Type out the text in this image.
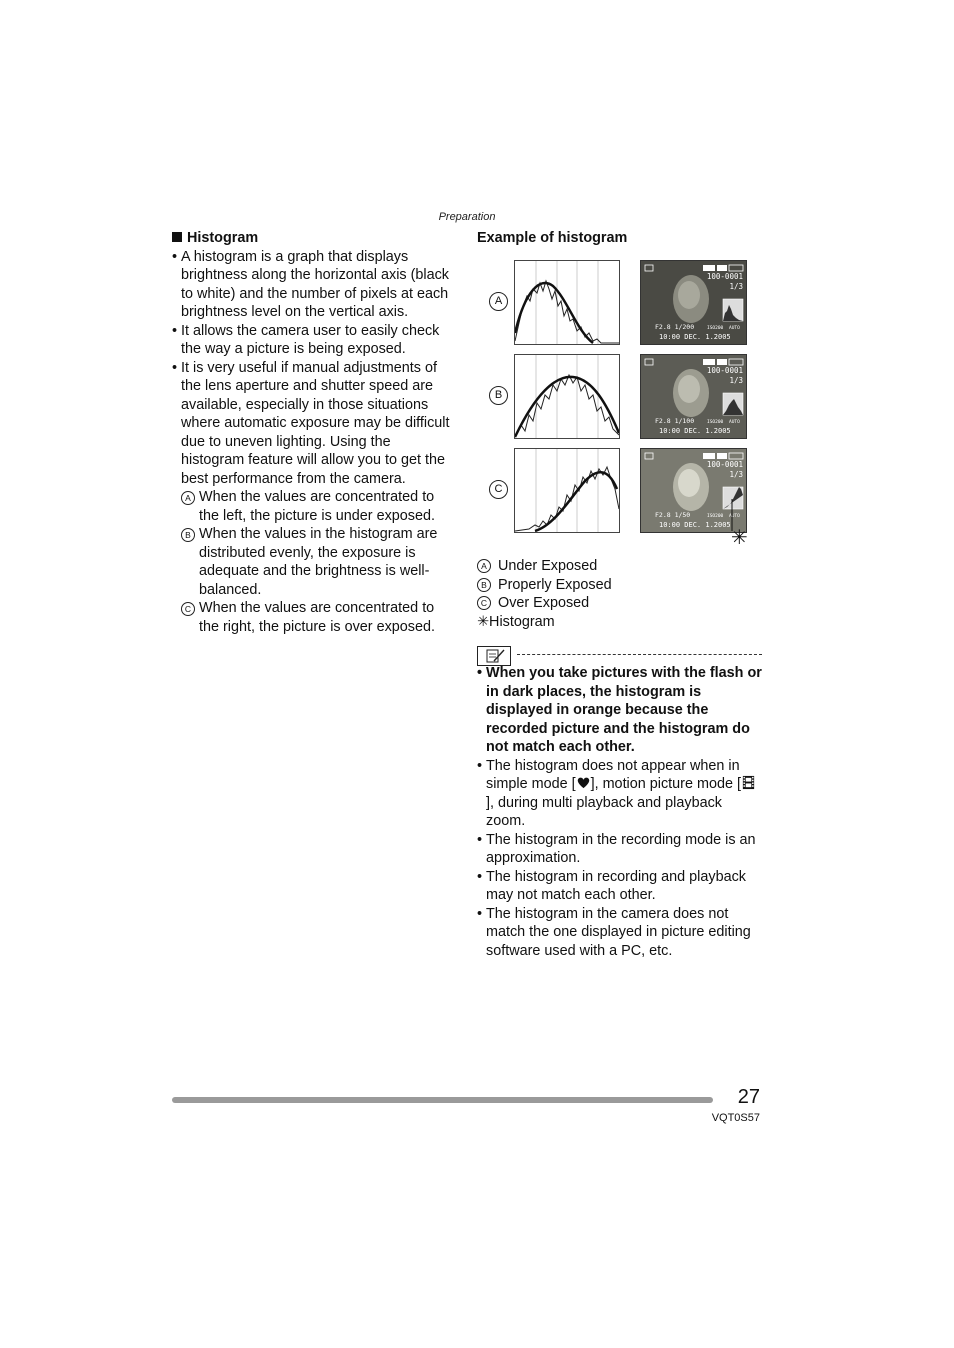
Preparation

Histogram

• A histogram is a graph that displays brightness along the horizontal axis (black to white) and the number of pixels at each brightness level on the vertical axis.

• It allows the camera user to easily check the way a picture is being exposed.

• It is very useful if manual adjustments of the lens aperture and shutter speed are available, especially in those situations where automatic exposure may be difficult due to uneven lighting. Using the histogram feature will allow you to get the best performance from the camera.

A When the values are concentrated to the left, the picture is under exposed.

B When the values in the histogram are distributed evenly, the exposure is adequate and the brightness is well-balanced.

C When the values are concentrated to the right, the picture is over exposed.

Example of histogram

A
100-0001
1/3
F2.8 1/200	ISO200 AUTO
10:00 DEC. 1.2005
B
100-0001
1/3
F2.8 1/100	ISO200 AUTO
10:00 DEC. 1.2005
C
100-0001
1/3
F2.8 1/50	ISO200 AUTO
10:00 DEC. 1.2005
✳

A Under Exposed

B Properly Exposed

C Over Exposed

✳Histogram

• When you take pictures with the flash or in dark places, the histogram is displayed in orange because the recorded picture and the histogram do not match each other.

• The histogram does not appear when in simple mode [ ], motion picture mode [], during multi playback and playback zoom.

• The histogram in the recording mode is an approximation.

• The histogram in recording and playback may not match each other.

• The histogram in the camera does not match the one displayed in picture editing software used with a PC, etc.

27
VQT0S57
